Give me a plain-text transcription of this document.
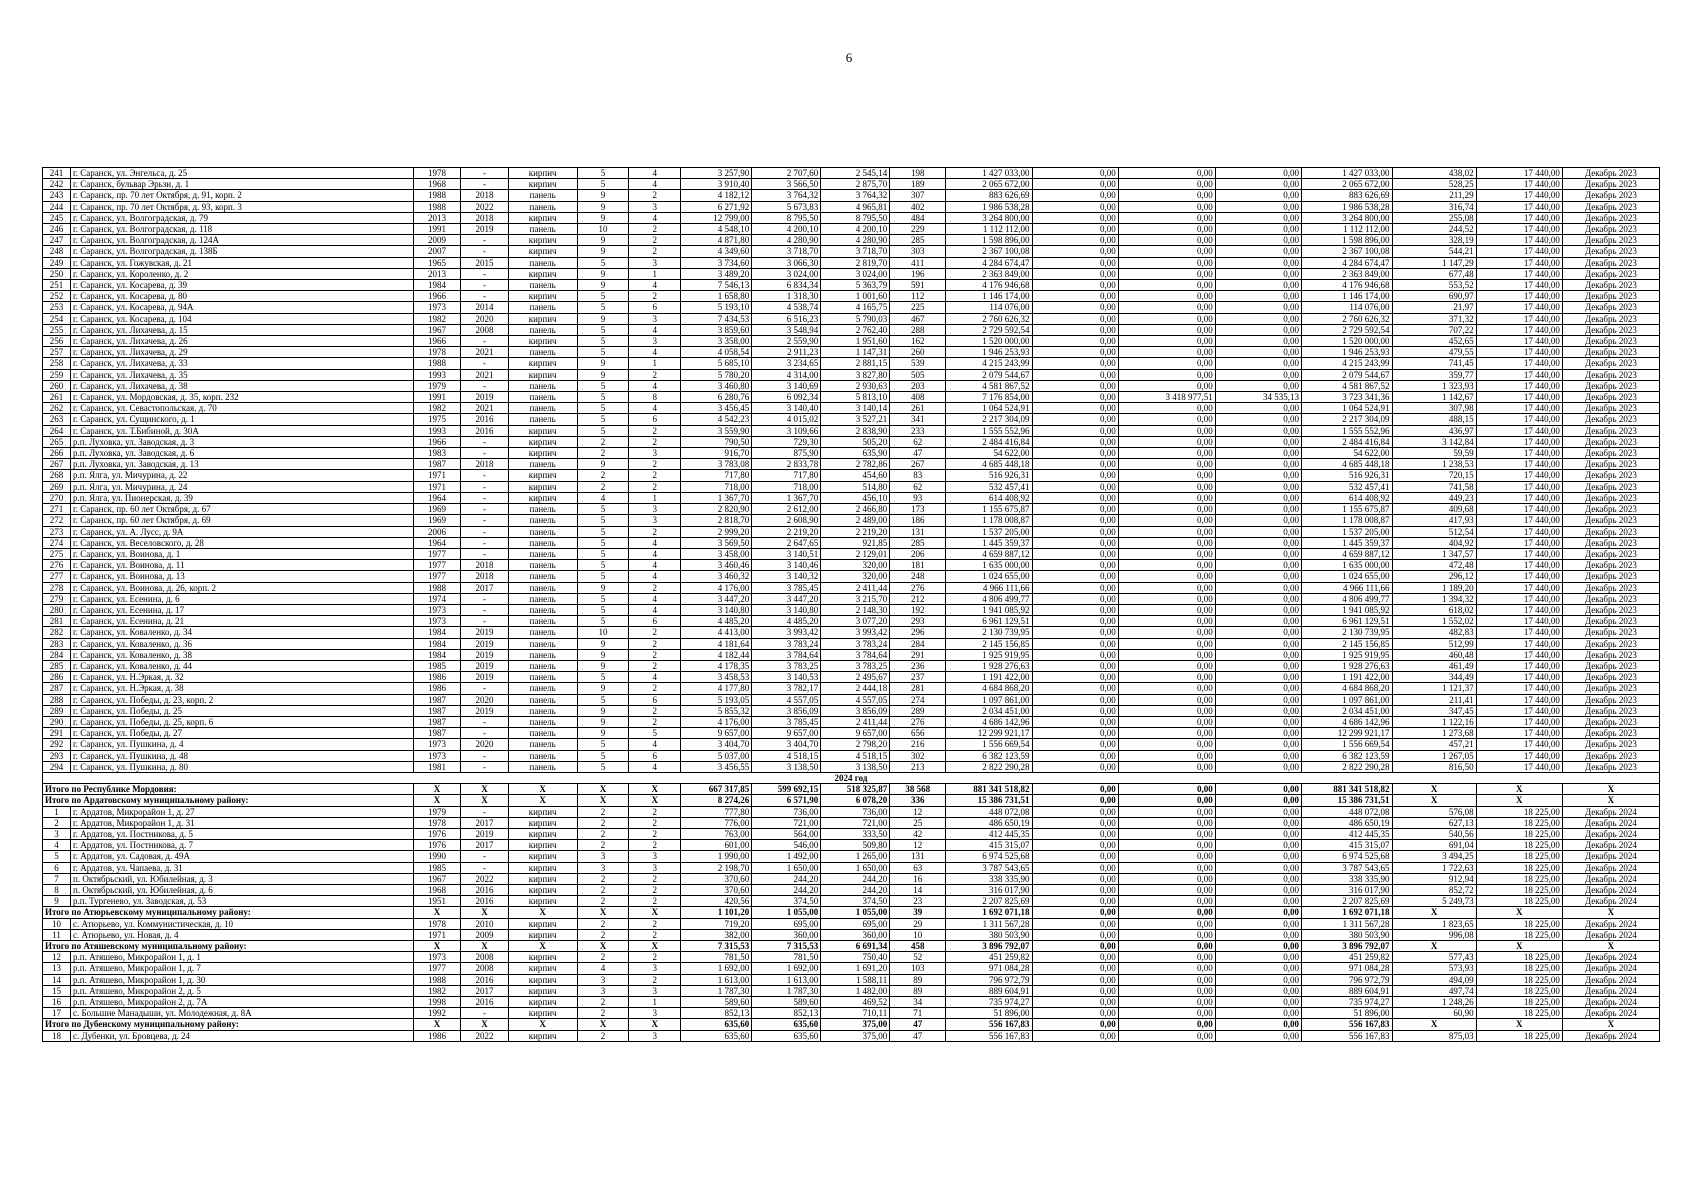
6
241	г. Саранск, ул. Энгельса, д. 25	1978	-	кирпич	5	4	3 257,90	2 707,60	2 545,14	198	1 427 033,00	0,00	0,00	0,00	1 427 033,00	438,02	17 440,00	Декабрь 2023
242	г. Саранск, бульвар Эрьзи, д. 1	1968	-	кирпич	5	4	3 910,40	3 566,50	2 875,70	189	2 065 672,00	0,00	0,00	0,00	2 065 672,00	528,25	17 440,00	Декабрь 2023
243	г. Саранск, пр. 70 лет Октября, д. 91, корп. 2	1988	2018	панель	9	2	4 182,12	3 764,32	3 764,32	307	883 626,69	0,00	0,00	0,00	883 626,69	211,29	17 440,00	Декабрь 2023
244	г. Саранск, пр. 70 лет Октября, д. 93, корп. 3	1988	2022	панель	9	3	6 271,92	5 673,83	4 965,81	402	1 986 538,28	0,00	0,00	0,00	1 986 538,28	316,74	17 440,00	Декабрь 2023
245	г. Саранск, ул. Волгоградская, д. 79	2013	2018	кирпич	9	4	12 799,00	8 795,50	8 795,50	484	3 264 800,00	0,00	0,00	0,00	3 264 800,00	255,08	17 440,00	Декабрь 2023
246	г. Саранск, ул. Волгоградская, д. 118	1991	2019	панель	10	2	4 548,10	4 200,10	4 200,10	229	1 112 112,00	0,00	0,00	0,00	1 112 112,00	244,52	17 440,00	Декабрь 2023
247	г. Саранск, ул. Волгоградская, д. 124А	2009	-	кирпич	9	2	4 871,80	4 280,90	4 280,90	285	1 598 896,00	0,00	0,00	0,00	1 598 896,00	328,19	17 440,00	Декабрь 2023
248	г. Саранск, ул. Волгоградская, д. 138Б	2007	-	кирпич	9	2	4 349,60	3 718,70	3 718,70	303	2 367 100,08	0,00	0,00	0,00	2 367 100,08	544,21	17 440,00	Декабрь 2023
249	г. Саранск, ул. Гожувская, д. 21	1965	2015	панель	5	3	3 734,60	3 066,30	2 819,70	411	4 284 674,47	0,00	0,00	0,00	4 284 674,47	1 147,29	17 440,00	Декабрь 2023
250	г. Саранск, ул. Короленко, д. 2	2013	-	кирпич	9	1	3 489,20	3 024,00	3 024,00	196	2 363 849,00	0,00	0,00	0,00	2 363 849,00	677,48	17 440,00	Декабрь 2023
251	г. Саранск, ул. Косарева, д. 39	1984	-	панель	9	4	7 546,13	6 834,34	5 363,79	591	4 176 946,68	0,00	0,00	0,00	4 176 946,68	553,52	17 440,00	Декабрь 2023
252	г. Саранск, ул. Косарева, д. 80	1966	-	кирпич	5	2	1 658,80	1 318,30	1 001,60	112	1 146 174,00	0,00	0,00	0,00	1 146 174,00	690,97	17 440,00	Декабрь 2023
253	г. Саранск, ул. Косарева, д. 94А	1973	2014	панель	5	6	5 193,10	4 538,74	4 165,75	225	114 076,00	0,00	0,00	0,00	114 076,00	21,97	17 440,00	Декабрь 2023
254	г. Саранск, ул. Косарева, д. 104	1982	2020	кирпич	9	3	7 434,53	6 516,23	5 790,03	467	2 760 626,32	0,00	0,00	0,00	2 760 626,32	371,32	17 440,00	Декабрь 2023
255	г. Саранск, ул. Лихачева, д. 15	1967	2008	панель	5	4	3 859,60	3 548,94	2 762,40	288	2 729 592,54	0,00	0,00	0,00	2 729 592,54	707,22	17 440,00	Декабрь 2023
256	г. Саранск, ул. Лихачева, д. 26	1966	-	кирпич	5	3	3 358,00	2 559,90	1 951,60	162	1 520 000,00	0,00	0,00	0,00	1 520 000,00	452,65	17 440,00	Декабрь 2023
257	г. Саранск, ул. Лихачева, д. 29	1978	2021	панель	5	4	4 058,54	2 911,23	1 147,31	260	1 946 253,93	0,00	0,00	0,00	1 946 253,93	479,55	17 440,00	Декабрь 2023
258	г. Саранск, ул. Лихачева, д. 33	1988	-	кирпич	9	1	5 685,10	3 234,65	2 881,15	539	4 215 243,99	0,00	0,00	0,00	4 215 243,99	741,45	17 440,00	Декабрь 2023
259	г. Саранск, ул. Лихачева, д. 35	1993	2021	кирпич	9	2	5 780,20	4 314,00	3 827,80	505	2 079 544,67	0,00	0,00	0,00	2 079 544,67	359,77	17 440,00	Декабрь 2023
260	г. Саранск, ул. Лихачева, д. 38	1979	-	панель	5	4	3 460,80	3 140,69	2 930,63	203	4 581 867,52	0,00	0,00	0,00	4 581 867,52	1 323,93	17 440,00	Декабрь 2023
261	г. Саранск, ул. Мордовская, д. 35, корп. 232	1991	2019	панель	5	8	6 280,76	6 092,34	5 813,10	408	7 176 854,00	0,00	3 418 977,51	34 535,13	3 723 341,36	1 142,67	17 440,00	Декабрь 2023
262	г. Саранск, ул. Севастопольская, д. 70	1982	2021	панель	5	4	3 456,45	3 140,40	3 140,14	261	1 064 524,91	0,00	0,00	0,00	1 064 524,91	307,98	17 440,00	Декабрь 2023
263	г. Саранск, ул. Сущинского, д. 1	1975	2016	панель	5	6	4 542,23	4 015,02	3 527,21	341	2 217 304,09	0,00	0,00	0,00	2 217 304,09	488,15	17 440,00	Декабрь 2023
264	г. Саранск, ул. Т.Бибиной, д. 30А	1993	2016	кирпич	5	2	3 559,90	3 109,66	2 838,90	233	1 555 552,96	0,00	0,00	0,00	1 555 552,96	436,97	17 440,00	Декабрь 2023
265	р.п. Луховка, ул. Заводская, д. 3	1966	-	кирпич	2	2	790,50	729,30	505,20	62	2 484 416,84	0,00	0,00	0,00	2 484 416,84	3 142,84	17 440,00	Декабрь 2023
266	р.п. Луховка, ул. Заводская, д. 6	1983	-	кирпич	2	3	916,70	875,90	635,90	47	54 622,00	0,00	0,00	0,00	54 622,00	59,59	17 440,00	Декабрь 2023
267	р.п. Луховка, ул. Заводская, д. 13	1987	2018	панель	9	2	3 783,08	2 833,78	2 782,86	267	4 685 448,18	0,00	0,00	0,00	4 685 448,18	1 238,53	17 440,00	Декабрь 2023
268	р.п. Ялга, ул. Мичурина, д. 22	1971	-	кирпич	2	2	717,80	717,80	454,60	83	516 926,31	0,00	0,00	0,00	516 926,31	720,15	17 440,00	Декабрь 2023
269	р.п. Ялга, ул. Мичурина, д. 24	1971	-	кирпич	2	2	718,00	718,00	514,80	62	532 457,41	0,00	0,00	0,00	532 457,41	741,58	17 440,00	Декабрь 2023
270	р.п. Ялга, ул. Пионерская, д. 39	1964	-	кирпич	4	1	1 367,70	1 367,70	456,10	93	614 408,92	0,00	0,00	0,00	614 408,92	449,23	17 440,00	Декабрь 2023
271	г. Саранск, пр. 60 лет Октября, д. 67	1969	-	панель	5	3	2 820,90	2 612,00	2 466,80	173	1 155 675,87	0,00	0,00	0,00	1 155 675,87	409,68	17 440,00	Декабрь 2023
272	г. Саранск, пр. 60 лет Октября, д. 69	1969	-	панель	5	3	2 818,70	2 608,90	2 489,00	186	1 178 008,87	0,00	0,00	0,00	1 178 008,87	417,93	17 440,00	Декабрь 2023
273	г. Саранск, ул. А. Лусс, д. 9А	2006	-	панель	5	2	2 999,20	2 219,20	2 219,20	131	1 537 205,00	0,00	0,00	0,00	1 537 205,00	512,54	17 440,00	Декабрь 2023
274	г. Саранск, ул. Веселовского, д. 28	1964	-	панель	5	4	3 569,50	2 647,65	921,85	285	1 445 359,37	0,00	0,00	0,00	1 445 359,37	404,92	17 440,00	Декабрь 2023
275	г. Саранск, ул. Воинова, д. 1	1977	-	панель	5	4	3 458,00	3 140,51	2 129,01	206	4 659 887,12	0,00	0,00	0,00	4 659 887,12	1 347,57	17 440,00	Декабрь 2023
276	г. Саранск, ул. Воинова, д. 11	1977	2018	панель	5	4	3 460,46	3 140,46	320,00	181	1 635 000,00	0,00	0,00	0,00	1 635 000,00	472,48	17 440,00	Декабрь 2023
277	г. Саранск, ул. Воинова, д. 13	1977	2018	панель	5	4	3 460,32	3 140,32	320,00	248	1 024 655,00	0,00	0,00	0,00	1 024 655,00	296,12	17 440,00	Декабрь 2023
278	г. Саранск, ул. Воинова, д. 26, корп. 2	1988	2017	панель	9	2	4 176,00	3 785,45	2 411,44	276	4 966 111,66	0,00	0,00	0,00	4 966 111,66	1 189,20	17 440,00	Декабрь 2023
279	г. Саранск, ул. Есенина, д. 6	1974	-	панель	5	4	3 447,20	3 447,20	3 215,70	212	4 806 499,77	0,00	0,00	0,00	4 806 499,77	1 394,32	17 440,00	Декабрь 2023
280	г. Саранск, ул. Есенина, д. 17	1973	-	панель	5	4	3 140,80	3 140,80	2 148,30	192	1 941 085,92	0,00	0,00	0,00	1 941 085,92	618,02	17 440,00	Декабрь 2023
281	г. Саранск, ул. Есенина, д. 21	1973	-	панель	5	6	4 485,20	4 485,20	3 077,20	293	6 961 129,51	0,00	0,00	0,00	6 961 129,51	1 552,02	17 440,00	Декабрь 2023
282	г. Саранск, ул. Коваленко, д. 34	1984	2019	панель	10	2	4 413,00	3 993,42	3 993,42	296	2 130 739,95	0,00	0,00	0,00	2 130 739,95	482,83	17 440,00	Декабрь 2023
283	г. Саранск, ул. Коваленко, д. 36	1984	2019	панель	9	2	4 181,64	3 783,24	3 783,24	284	2 145 156,85	0,00	0,00	0,00	2 145 156,85	512,99	17 440,00	Декабрь 2023
284	г. Саранск, ул. Коваленко, д. 38	1984	2019	панель	9	2	4 182,44	3 784,64	3 784,64	291	1 925 919,95	0,00	0,00	0,00	1 925 919,95	460,48	17 440,00	Декабрь 2023
285	г. Саранск, ул. Коваленко, д. 44	1985	2019	панель	9	2	4 178,35	3 783,25	3 783,25	236	1 928 276,63	0,00	0,00	0,00	1 928 276,63	461,49	17 440,00	Декабрь 2023
286	г. Саранск, ул. Н.Эркая, д. 32	1986	2019	панель	5	4	3 458,53	3 140,53	2 495,67	237	1 191 422,00	0,00	0,00	0,00	1 191 422,00	344,49	17 440,00	Декабрь 2023
287	г. Саранск, ул. Н.Эркая, д. 38	1986	-	панель	9	2	4 177,80	3 782,17	2 444,18	281	4 684 868,20	0,00	0,00	0,00	4 684 868,20	1 121,37	17 440,00	Декабрь 2023
288	г. Саранск, ул. Победы, д. 23, корп. 2	1987	2020	панель	5	6	5 193,05	4 557,05	4 557,05	274	1 097 861,00	0,00	0,00	0,00	1 097 861,00	211,41	17 440,00	Декабрь 2023
289	г. Саранск, ул. Победы, д. 25	1987	2019	панель	9	2	5 855,32	3 856,09	3 856,09	289	2 034 451,00	0,00	0,00	0,00	2 034 451,00	347,45	17 440,00	Декабрь 2023
290	г. Саранск, ул. Победы, д. 25, корп. 6	1987	-	панель	9	2	4 176,00	3 785,45	2 411,44	276	4 686 142,96	0,00	0,00	0,00	4 686 142,96	1 122,16	17 440,00	Декабрь 2023
291	г. Саранск, ул. Победы, д. 27	1987	-	панель	9	5	9 657,00	9 657,00	9 657,00	656	12 299 921,17	0,00	0,00	0,00	12 299 921,17	1 273,68	17 440,00	Декабрь 2023
292	г. Саранск, ул. Пушкина, д. 4	1973	2020	панель	5	4	3 404,70	3 404,70	2 798,20	216	1 556 669,54	0,00	0,00	0,00	1 556 669,54	457,21	17 440,00	Декабрь 2023
293	г. Саранск, ул. Пушкина, д. 48	1973	-	панель	5	6	5 037,00	4 518,15	4 518,15	302	6 382 123,59	0,00	0,00	0,00	6 382 123,59	1 267,05	17 440,00	Декабрь 2023
294	г. Саранск, ул. Пушкина, д. 80	1981	-	панель	5	4	3 456,55	3 138,50	3 138,50	213	2 822 290,28	0,00	0,00	0,00	2 822 290,28	816,50	17 440,00	Декабрь 2023
2024 год																		
Итого по Республике Мордовия:		X	X	X	X	X	667 317,85	599 692,15	518 325,87	38 568	881 341 518,82	0,00	0,00	0,00	881 341 518,82	X	X	X
Итого по Ардатовскому муниципальному району:		X	X	X	X	X	8 274,26	6 571,90	6 078,20	336	15 386 731,51	0,00	0,00	0,00	15 386 731,51	X	X	X
1	г. Ардатов, Микрорайон 1, д. 27	1979	-	кирпич	2	2	777,80	736,00	736,00	12	448 072,08	0,00	0,00	0,00	448 072,08	576,08	18 225,00	Декабрь 2024
2	г. Ардатов, Микрорайон 1, д. 31	1978	2017	кирпич	2	2	776,00	721,00	721,00	25	486 650,19	0,00	0,00	0,00	486 650,19	627,13	18 225,00	Декабрь 2024
3	г. Ардатов, ул. Постникова, д. 5	1976	2019	кирпич	2	2	763,00	564,00	333,50	42	412 445,35	0,00	0,00	0,00	412 445,35	540,56	18 225,00	Декабрь 2024
4	г. Ардатов, ул. Постникова, д. 7	1976	2017	кирпич	2	2	601,00	546,00	509,80	12	415 315,07	0,00	0,00	0,00	415 315,07	691,04	18 225,00	Декабрь 2024
5	г. Ардатов, ул. Садовая, д. 49А	1990	-	кирпич	3	3	1 990,00	1 492,00	1 265,00	131	6 974 525,68	0,00	0,00	0,00	6 974 525,68	3 494,25	18 225,00	Декабрь 2024
6	г. Ардатов, ул. Чапаева, д. 31	1985	-	кирпич	3	3	2 198,70	1 650,00	1 650,00	63	3 787 543,65	0,00	0,00	0,00	3 787 543,65	1 722,63	18 225,00	Декабрь 2024
7	п. Октябрьский, ул. Юбилейная, д. 3	1967	2022	кирпич	2	2	370,60	244,20	244,20	16	338 335,90	0,00	0,00	0,00	338 335,90	912,94	18 225,00	Декабрь 2024
8	п. Октябрьский, ул. Юбилейная, д. 6	1968	2016	кирпич	2	2	370,60	244,20	244,20	14	316 017,90	0,00	0,00	0,00	316 017,90	852,72	18 225,00	Декабрь 2024
9	р.п. Тургенево, ул. Заводская, д. 53	1951	2016	кирпич	2	2	420,56	374,50	374,50	23	2 207 825,69	0,00	0,00	0,00	2 207 825,69	5 249,73	18 225,00	Декабрь 2024
Итого по Атюрьевскому муниципальному району:		X	X	X	X	X	1 101,20	1 055,00	1 055,00	39	1 692 071,18	0,00	0,00	0,00	1 692 071,18	X	X	X
10	с. Атюрьево, ул. Коммунистическая, д. 10	1978	2010	кирпич	2	2	719,20	695,00	695,00	29	1 311 567,28	0,00	0,00	0,00	1 311 567,28	1 823,65	18 225,00	Декабрь 2024
11	с. Атюрьево, ул. Новая, д. 4	1971	2009	кирпич	2	2	382,00	360,00	360,00	10	380 503,90	0,00	0,00	0,00	380 503,90	996,08	18 225,00	Декабрь 2024
Итого по Атяшевскому муниципальному району:		X	X	X	X	X	7 315,53	7 315,53	6 691,34	458	3 896 792,07	0,00	0,00	0,00	3 896 792,07	X	X	X
12	р.п. Атяшево, Микрорайон 1, д. 1	1973	2008	кирпич	2	2	781,50	781,50	750,40	52	451 259,82	0,00	0,00	0,00	451 259,82	577,43	18 225,00	Декабрь 2024
13	р.п. Атяшево, Микрорайон 1, д. 7	1977	2008	кирпич	4	3	1 692,00	1 692,00	1 691,20	103	971 084,28	0,00	0,00	0,00	971 084,28	573,93	18 225,00	Декабрь 2024
14	р.п. Атяшево, Микрорайон 1, д. 30	1988	2016	кирпич	3	2	1 613,00	1 613,00	1 588,11	89	796 972,79	0,00	0,00	0,00	796 972,79	494,09	18 225,00	Декабрь 2024
15	р.п. Атяшево, Микрорайон 2, д. 5	1982	2017	кирпич	3	3	1 787,30	1 787,30	1 482,00	89	889 604,91	0,00	0,00	0,00	889 604,91	497,74	18 225,00	Декабрь 2024
16	р.п. Атяшево, Микрорайон 2, д. 7А	1998	2016	кирпич	2	1	589,60	589,60	469,52	34	735 974,27	0,00	0,00	0,00	735 974,27	1 248,26	18 225,00	Декабрь 2024
17	с. Большие Манадыши, ул. Молодежная, д. 8А	1992	-	кирпич	2	3	852,13	852,13	710,11	71	51 896,00	0,00	0,00	0,00	51 896,00	60,90	18 225,00	Декабрь 2024
Итого по Дубенскому муниципальному району:		X	X	X	X	X	635,60	635,60	375,00	47	556 167,83	0,00	0,00	0,00	556 167,83	X	X	X
18	с. Дубенки, ул. Бровцева, д. 24	1986	2022	кирпич	2	3	635,60	635,60	375,00	47	556 167,83	0,00	0,00	0,00	556 167,83	875,03	18 225,00	Декабрь 2024
